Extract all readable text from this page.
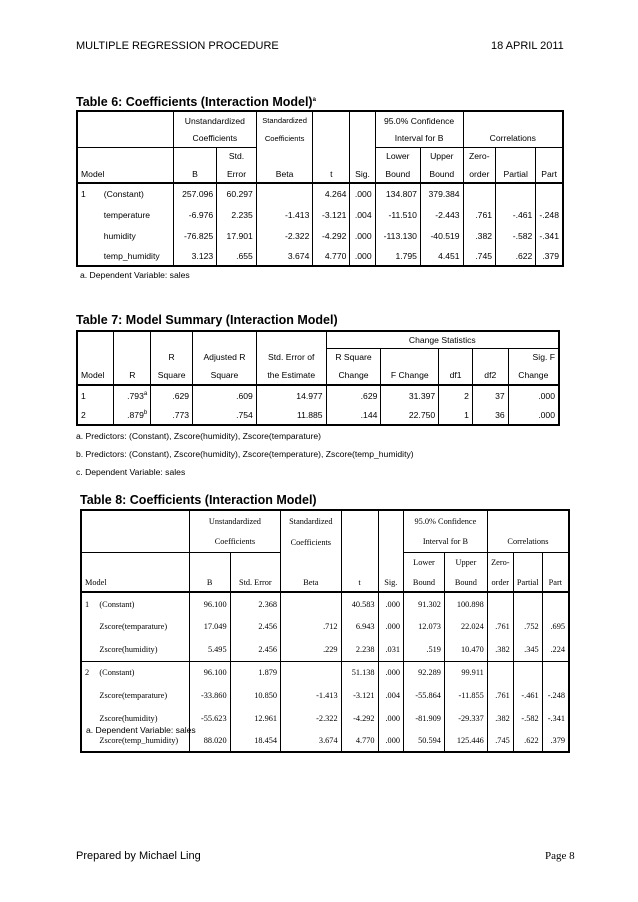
MULTIPLE REGRESSION PROCEDURE	18 APRIL 2011
Table 6: Coefficients (Interaction Model)$^a$
		Unstandardized		Standardized			95.0% Confidence				
		Coefficients		Coefficients			Interval for B		Correlations		
			Std.				Lower	Upper	Zero-		
Model		B	Error	Beta	t	Sig.	Bound	Bound	order	Partial	Part
1	(Constant)	257.096	60.297		4.264	.000	134.807	379.384			
	temperature	-6.976	2.235	-1.413	-3.121	.004	-11.510	-2.443	.761	-.461	-.248
	humidity	-76.825	17.901	-2.322	-4.292	.000	-113.130	-40.519	.382	-.582	-.341
	temp_humidity	3.123	.655	3.674	4.770	.000	1.795	4.451	.745	.622	.379
a. Dependent Variable: sales
Table 7: Model Summary (Interaction Model)
					Change Statistics				
		R	Adjusted R	Std. Error of	R Square				Sig. F
Model	R	Square	Square	the Estimate	Change	F Change	df1	df2	Change
1	.793$^a$	.629	.609	14.977	.629	31.397	2	37	.000
2	.879$^b$	.773	.754	11.885	.144	22.750	1	36	.000
a. Predictors: (Constant), Zscore(humidity), Zscore(temparature)
b. Predictors: (Constant), Zscore(humidity), Zscore(temperature), Zscore(temp_humidity)
c. Dependent Variable: sales
Table 8: Coefficients (Interaction Model)
		Unstandardized		Standardized			95.0% Confidence				
		Coefficients		Coefficients			Interval for B		Correlations		
							Lower	Upper	Zero-		
Model		B	Std. Error	Beta	t	Sig.	Bound	Bound	order	Partial	Part
1	(Constant)	96.100	2.368		40.583	.000	91.302	100.898			
	Zscore(temparature)	17.049	2.456	.712	6.943	.000	12.073	22.024	.761	.752	.695
	Zscore(humidity)	5.495	2.456	.229	2.238	.031	.519	10.470	.382	.345	.224
2	(Constant)	96.100	1.879		51.138	.000	92.289	99.911			
	Zscore(temparature)	-33.860	10.850	-1.413	-3.121	.004	-55.864	-11.855	.761	-.461	-.248
	Zscore(humidity)	-55.623	12.961	-2.322	-4.292	.000	-81.909	-29.337	.382	-.582	-.341
	Zscore(temp_humidity)	88.020	18.454	3.674	4.770	.000	50.594	125.446	.745	.622	.379
a. Dependent Variable: sales
Prepared by Michael Ling	Page 8
